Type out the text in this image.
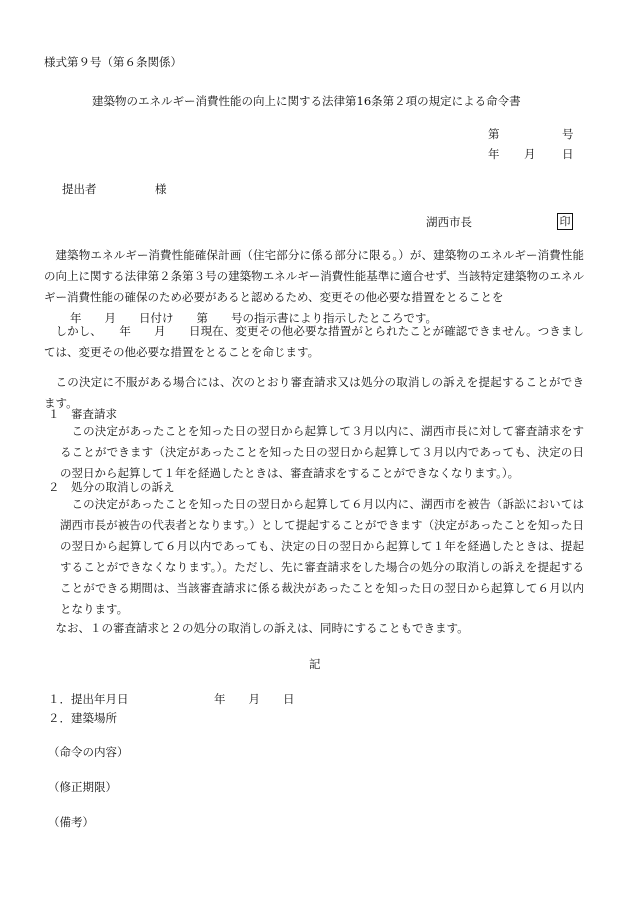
様式第９号（第６条関係）
建築物のエネルギー消費性能の向上に関する法律第16条第２項の規定による命令書
第	号
年 月 日
提出者	様
湖西市長	印
建築物エネルギー消費性能確保計画（住宅部分に係る部分に限る。）が、建築物のエネルギー消費性能の向上に関する法律第２条第３号の建築物エネルギー消費性能基準に適合せず、当該特定建築物のエネルギー消費性能の確保のため必要があると認めるため、変更その他必要な措置をとることを
年　　月　　日付け　　第　　号の指示書により指示したところです。
しかし、　　年　　月　　日現在、変更その他必要な措置がとられたことが確認できません。つきましては、変更その他必要な措置をとることを命じます。
この決定に不服がある場合には、次のとおり審査請求又は処分の取消しの訴えを提起することができます。
１　審査請求
この決定があったことを知った日の翌日から起算して３月以内に、湖西市長に対して審査請求をすることができます（決定があったことを知った日の翌日から起算して３月以内であっても、決定の日の翌日から起算して１年を経過したときは、審査請求をすることができなくなります。）。
２　処分の取消しの訴え
この決定があったことを知った日の翌日から起算して６月以内に、湖西市を被告（訴訟においては湖西市長が被告の代表者となります。）として提起することができます（決定があったことを知った日の翌日から起算して６月以内であっても、決定の日の翌日から起算して１年を経過したときは、提起することができなくなります。）。ただし、先に審査請求をした場合の処分の取消しの訴えを提起することができる期間は、当該審査請求に係る裁決があったことを知った日の翌日から起算して６月以内となります。
なお、１の審査請求と２の処分の取消しの訴えは、同時にすることもできます。
記
１．提出年月日	年　　月　　日
２．建築場所
（命令の内容）
（修正期限）
（備考）
